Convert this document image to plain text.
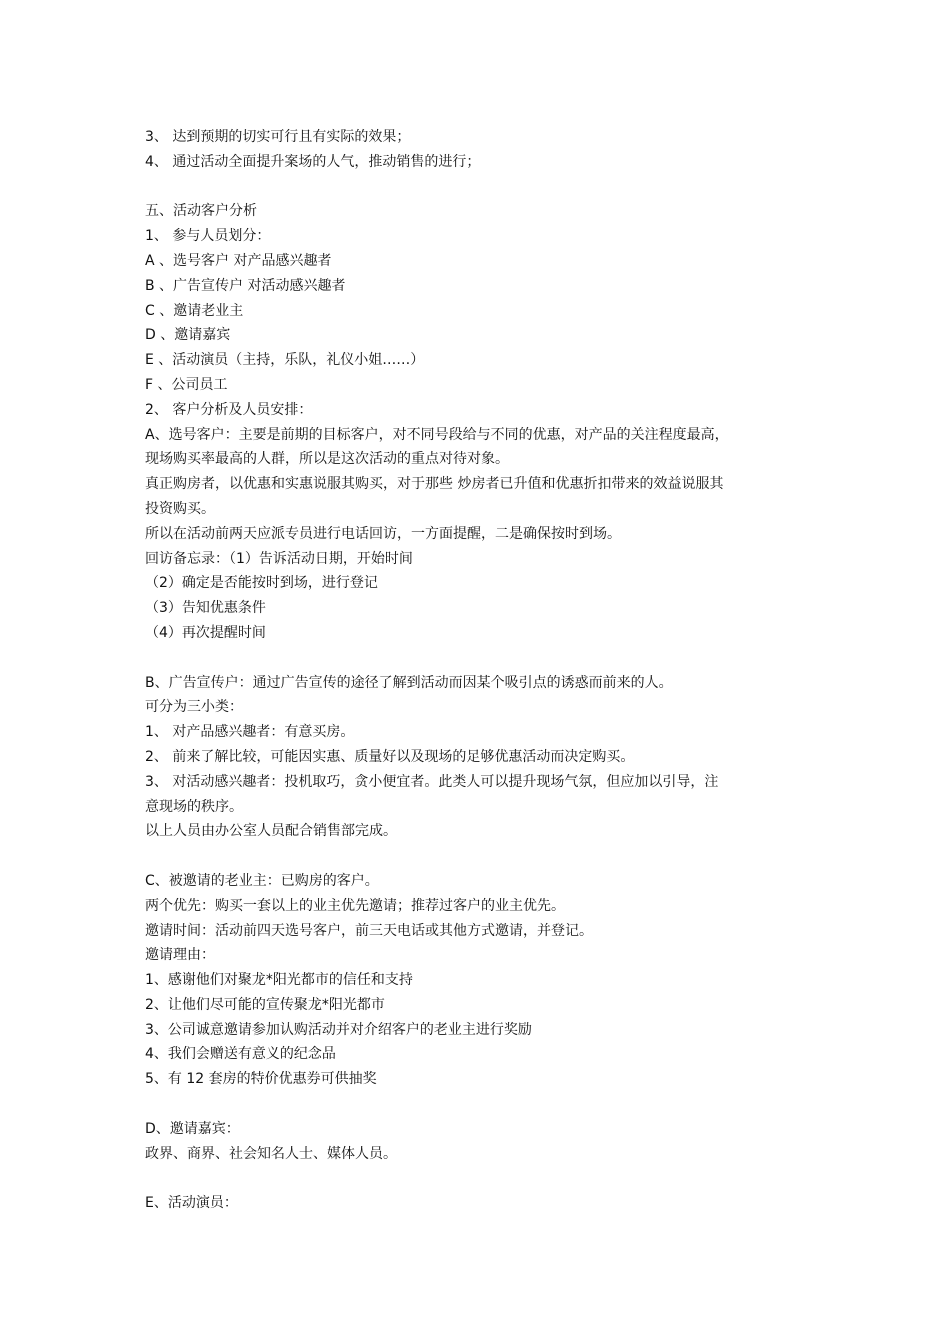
3、 达到预期的切实可行且有实际的效果；

4、 通过活动全面提升案场的人气，推动销售的进行；

五、活动客户分析

1、 参与人员划分：

A 、选号客户 对产品感兴趣者

B 、广告宣传户 对活动感兴趣者

C 、邀请老业主

D 、邀请嘉宾

E 、活动演员（主持，乐队，礼仪小姐……）

F 、公司员工

2、 客户分析及人员安排：

A、选号客户：主要是前期的目标客户，对不同号段给与不同的优惠，对产品的关注程度最高，

现场购买率最高的人群，所以是这次活动的重点对待对象。

真正购房者，以优惠和实惠说服其购买，对于那些 炒房者已升值和优惠折扣带来的效益说服其

投资购买。

所以在活动前两天应派专员进行电话回访，一方面提醒，二是确保按时到场。

回访备忘录：（1）告诉活动日期，开始时间

（2）确定是否能按时到场，进行登记

（3）告知优惠条件

（4）再次提醒时间

B、广告宣传户：通过广告宣传的途径了解到活动而因某个吸引点的诱惑而前来的人。

可分为三小类：

1、 对产品感兴趣者：有意买房。

2、 前来了解比较，可能因实惠、质量好以及现场的足够优惠活动而决定购买。

3、 对活动感兴趣者：投机取巧，贪小便宜者。此类人可以提升现场气氛，但应加以引导，注

意现场的秩序。

以上人员由办公室人员配合销售部完成。

C、被邀请的老业主：已购房的客户。

两个优先：购买一套以上的业主优先邀请；推荐过客户的业主优先。

邀请时间：活动前四天选号客户，前三天电话或其他方式邀请，并登记。

邀请理由：

1、感谢他们对聚龙*阳光都市的信任和支持

2、让他们尽可能的宣传聚龙*阳光都市

3、公司诚意邀请参加认购活动并对介绍客户的老业主进行奖励

4、我们会赠送有意义的纪念品

5、有 12 套房的特价优惠券可供抽奖

D、邀请嘉宾：

政界、商界、社会知名人士、媒体人员。

E、活动演员：
